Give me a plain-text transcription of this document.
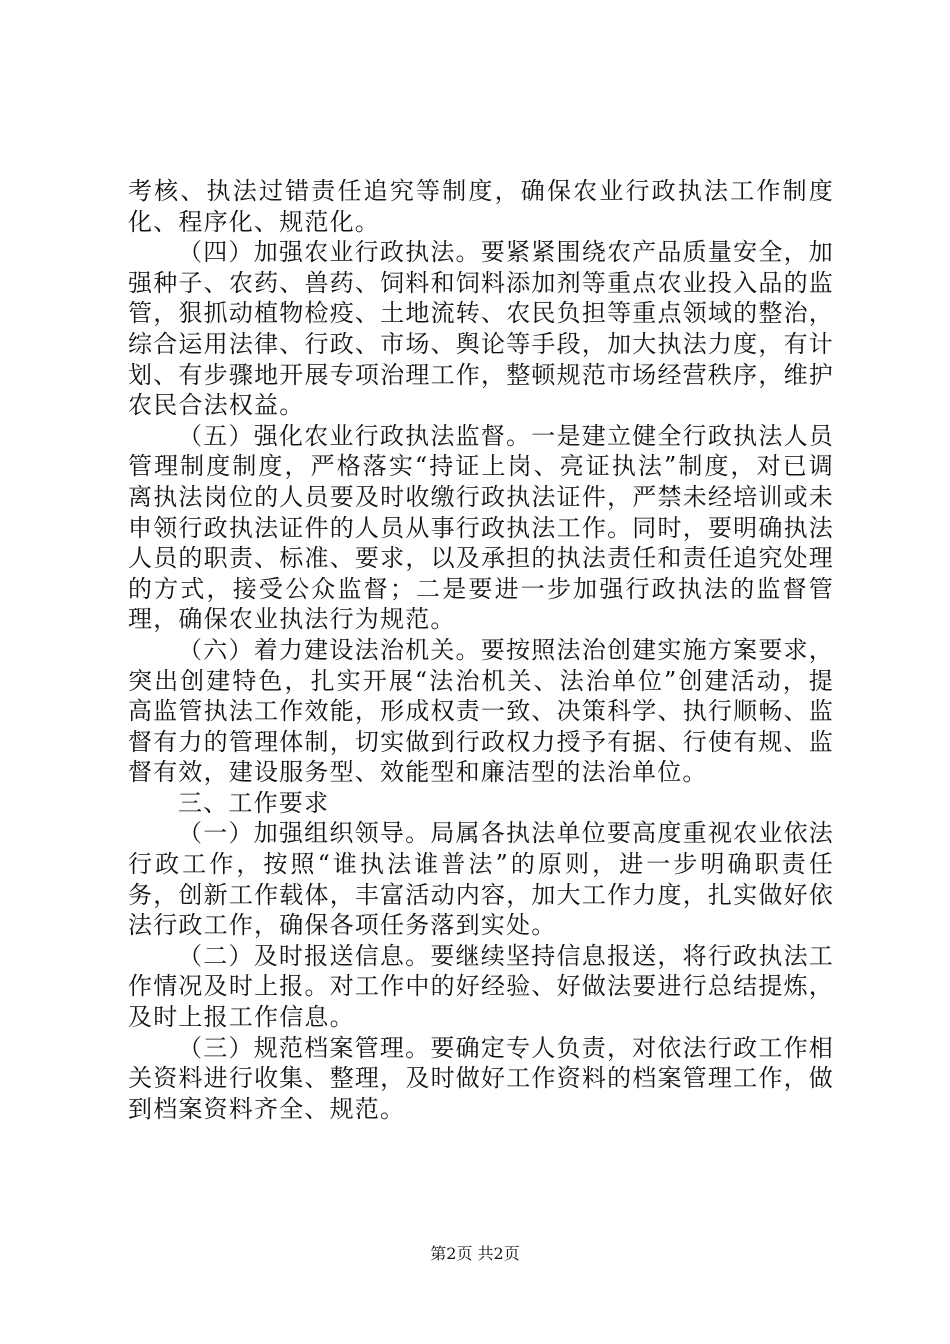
考核、执法过错责任追究等制度，确保农业行政执法工作制度化、程序化、规范化。

（四）加强农业行政执法。要紧紧围绕农产品质量安全，加强种子、农药、兽药、饲料和饲料添加剂等重点农业投入品的监管，狠抓动植物检疫、土地流转、农民负担等重点领域的整治，综合运用法律、行政、市场、舆论等手段，加大执法力度，有计划、有步骤地开展专项治理工作，整顿规范市场经营秩序，维护农民合法权益。

（五）强化农业行政执法监督。一是建立健全行政执法人员管理制度制度，严格落实“持证上岗、亮证执法”制度，对已调离执法岗位的人员要及时收缴行政执法证件，严禁未经培训或未申领行政执法证件的人员从事行政执法工作。同时，要明确执法人员的职责、标准、要求，以及承担的执法责任和责任追究处理的方式，接受公众监督；二是要进一步加强行政执法的监督管理，确保农业执法行为规范。

（六）着力建设法治机关。要按照法治创建实施方案要求，突出创建特色，扎实开展“法治机关、法治单位”创建活动，提高监管执法工作效能，形成权责一致、决策科学、执行顺畅、监督有力的管理体制，切实做到行政权力授予有据、行使有规、监督有效，建设服务型、效能型和廉洁型的法治单位。

三、工作要求

（一）加强组织领导。局属各执法单位要高度重视农业依法行政工作，按照“谁执法谁普法”的原则，进一步明确职责任务，创新工作载体，丰富活动内容，加大工作力度，扎实做好依法行政工作，确保各项任务落到实处。

（二）及时报送信息。要继续坚持信息报送，将行政执法工作情况及时上报。对工作中的好经验、好做法要进行总结提炼，及时上报工作信息。

（三）规范档案管理。要确定专人负责，对依法行政工作相关资料进行收集、整理，及时做好工作资料的档案管理工作，做到档案资料齐全、规范。

第2页 共2页
